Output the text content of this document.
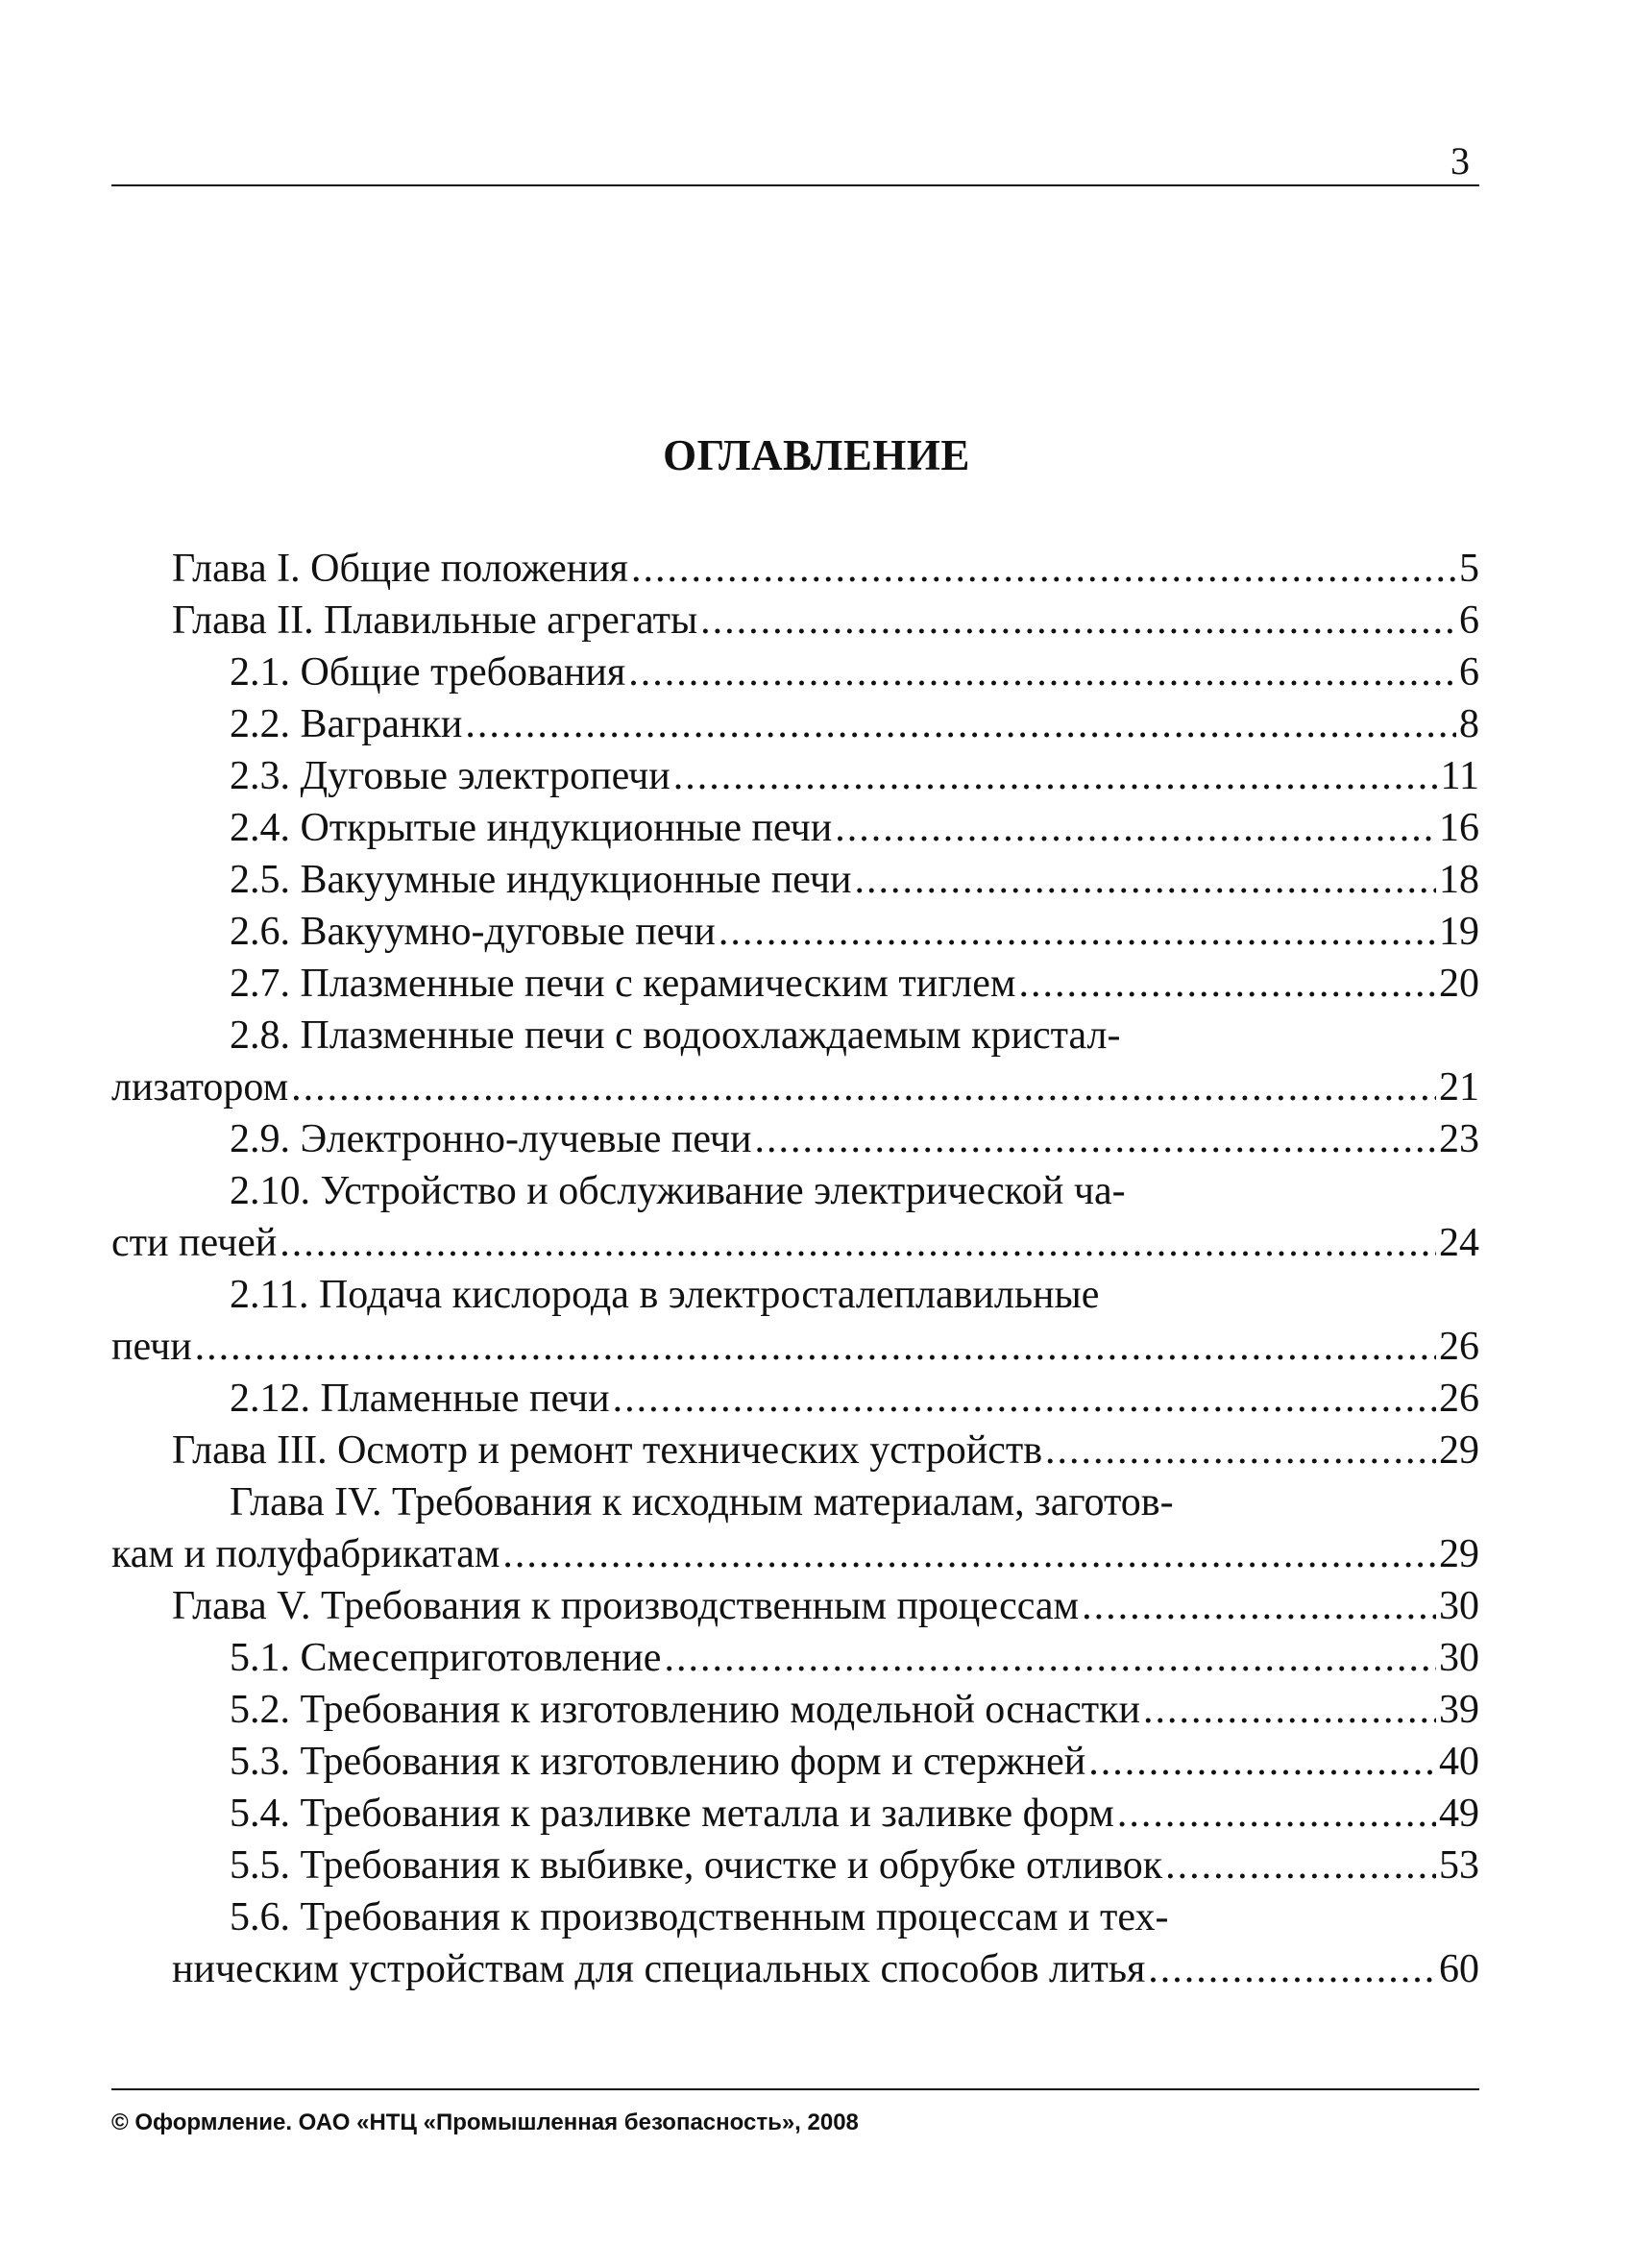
3
ОГЛАВЛЕНИЕ
Глава I. Общие положения .....	5
Глава II. Плавильные агрегаты .....	6
2.1. Общие требования .....	6
2.2. Вагранки .....	8
2.3. Дуговые электропечи .....	11
2.4. Открытые индукционные печи .....	16
2.5. Вакуумные индукционные печи .....	18
2.6. Вакуумно-дуговые печи .....	19
2.7. Плазменные печи с керамическим тиглем .....	20
2.8. Плазменные печи с водоохлаждаемым кристал-
лизатором .....	21
2.9. Электронно-лучевые печи .....	23
2.10. Устройство и обслуживание электрической ча-
сти печей .....	24
2.11. Подача кислорода в электросталеплавильные
печи .....	26
2.12. Пламенные печи .....	26
Глава III. Осмотр и ремонт технических устройств .....	29
Глава IV. Требования к исходным материалам, заготов-
кам и полуфабрикатам .....	29
Глава V. Требования к производственным процессам .....	30
5.1. Смесеприготовление .....	30
5.2. Требования к изготовлению модельной оснастки .....	39
5.3. Требования к изготовлению форм и стержней .....	40
5.4. Требования к разливке металла и заливке форм .....	49
5.5. Требования к выбивке, очистке и обрубке отливок .....	53
5.6. Требования к производственным процессам и тех-
ническим устройствам для специальных способов литья .....	60
© Оформление. ОАО «НТЦ «Промышленная безопасность», 2008
